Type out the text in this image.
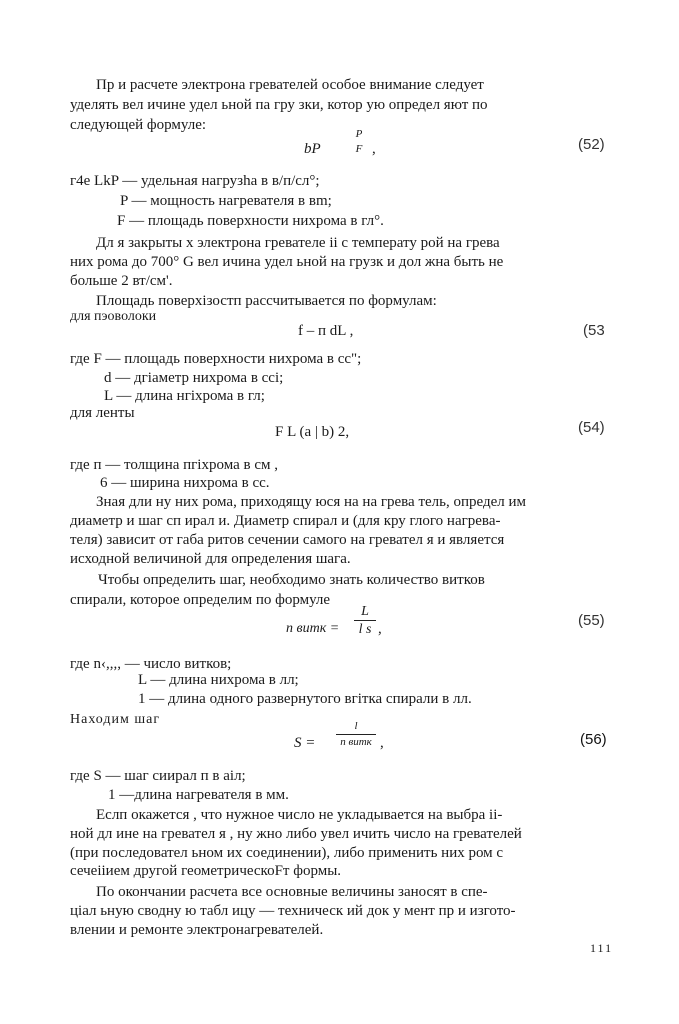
Пр и расчете электрона гревателей особое внимание следует
уделять вел ичине удел ьной па гру зки, котор ую определ яют по
следующей формуле:
bP
P
F ,	(52)
г4е LkP — удельная нагрузhа в в/п/сл°;
P — мощность нагревателя в вm;
F — площадь поверхности нихрома в гл°.
Дл я закрыты х электрона гревателе іі с температу рой на грева
них рома до 700° G вел ичина удел ьной на грузк и дол жна быть не
больше 2 вт/см'.
Площадь поверхізостп рассчитывается по формулам:
для пэоволоки
f – п dL ,	(53
где F — площадь поверхности нихрома в сс";
d — дгіаметр нихрома в ссі;
L — длина нгіхрома в гл;
для ленты
F L (a | b) 2,	(54)
где п — толщина пгіхрома в см ,
6 — ширина нихрома в сс.
Зная дли ну них рома, приходящу юся на на грева тель, определ им
диаметр и шаг сп ирал и. Диаметр спирал и (для кру глого нагрева-
теля) зависит от габа ритов сечении самого на гревател я и является
исходной величиной для определения шага.
Чтобы определить шаг, необходимо знать количество витков
спирали, которое определим по формуле
n витк =
L
l s ,	(55)
где n‹,,,, — число витков;
L — длина нихрома в лл;
1 — длина одного развернутого вгітка спирали в лл.
Находим шаг
S =
l
n витк ,	(56)
где S — шаг сиирал п в аіл;
1 —длина нагревателя в мм.
Еслп окажется , что нужное число не укладывается на выбра іі-
ной дл ине на гревател я , ну жно либо увел ичить число на гревателей
(при последовател ьном их соединении), либо применить них ром с
сечеііием другой геометрическоFт формы.
По окончании расчета все основные величины заносят в спе-
ціал ьную сводну ю табл ицу — техническ ий док у мент пр и изгото-
влении и ремонте электронагревателей.
111
